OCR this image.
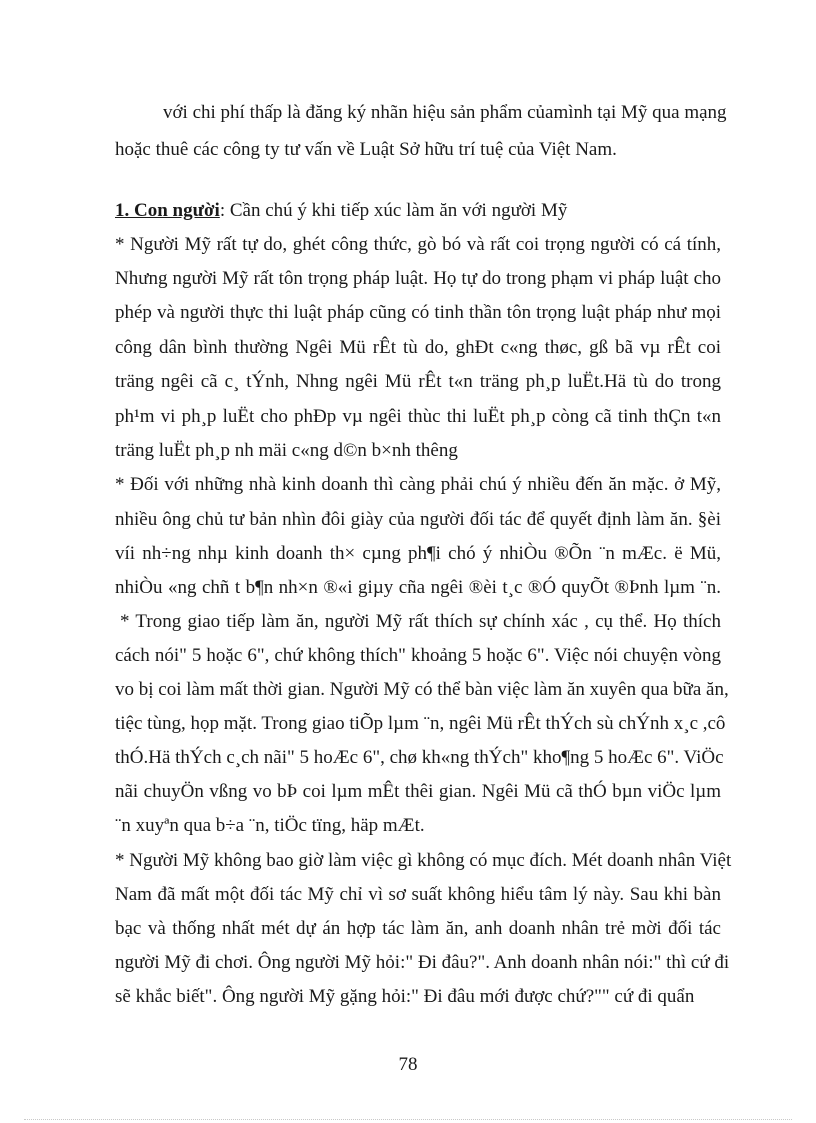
với chi phí thấp là đăng ký nhãn hiệu sản phẩm củamình tại Mỹ qua mạng
hoặc thuê các công ty tư vấn về Luật Sở hữu trí tuệ của Việt Nam.
1. Con người: Cần chú ý khi tiếp xúc làm ăn với người Mỹ
* Người Mỹ rất tự do, ghét công thức, gò bó và rất coi trọng người có cá tính,
Nhưng người Mỹ rất tôn trọng pháp luật. Họ tự do trong phạm vi pháp luật cho
phép và người thực thi luật pháp cũng có tinh thần tôn trọng luật pháp như mọi
công dân bình thường Ngêi Mü rÊt tù do, ghÐt c«ng thøc, gß bã vµ rÊt coi
träng ngêi cã c¸ tÝnh, Nhng ngêi Mü rÊt t«n träng ph¸p luËt.Hä tù do trong
ph¹m vi ph¸p luËt cho phÐp vµ ngêi thùc thi luËt ph¸p còng cã tinh thÇn t«n
träng luËt ph¸p nh mäi c«ng d©n b×nh thêng
* Đối với những nhà kinh doanh thì càng phải chú ý nhiều đến ăn mặc. ở Mỹ,
nhiều ông chủ tư bản nhìn đôi giày của người đối tác để quyết định làm ăn. §èi
víi nh÷ng nhµ kinh doanh th× cµng ph¶i chó ý nhiÒu ®Õn ¨n mÆc. ë Mü,
nhiÒu «ng chñ t b¶n nh×n ®«i giµy cña ngêi ®èi t¸c ®Ó quyÕt ®Þnh lµm ¨n.
* Trong giao tiếp làm ăn, người Mỹ rất thích sự chính xác , cụ thể. Họ thích
cách nói" 5 hoặc 6", chứ không thích" khoảng 5 hoặc 6". Việc nói chuyện vòng
vo bị coi làm mất thời gian. Người Mỹ có thể bàn việc làm ăn xuyên qua bữa ăn,
tiệc tùng, họp mặt. Trong giao tiÕp lµm ¨n, ngêi Mü rÊt thÝch sù chÝnh x¸c ,cô
thÓ.Hä thÝch c¸ch nãi" 5 hoÆc 6", chø kh«ng thÝch" kho¶ng 5 hoÆc 6". ViÖc
nãi chuyÖn vßng vo bÞ coi lµm mÊt thêi gian. Ngêi Mü cã thÓ bµn viÖc lµm
¨n xuyªn qua b÷a ¨n, tiÖc tïng, häp mÆt.
* Người Mỹ không bao giờ làm việc gì không có mục đích. Mét doanh nhân Việt
Nam đã mất một đối tác Mỹ chỉ vì sơ suất không hiểu tâm lý này. Sau khi bàn
bạc và thống nhất mét dự án hợp tác làm ăn, anh doanh nhân trẻ mời đối tác
người Mỹ đi chơi. Ông người Mỹ hỏi:" Đi đâu?". Anh doanh nhân nói:" thì cứ đi
sẽ khắc biết". Ông người Mỹ gặng hỏi:" Đi đâu mới được chứ?"" cứ đi quẩn
78
